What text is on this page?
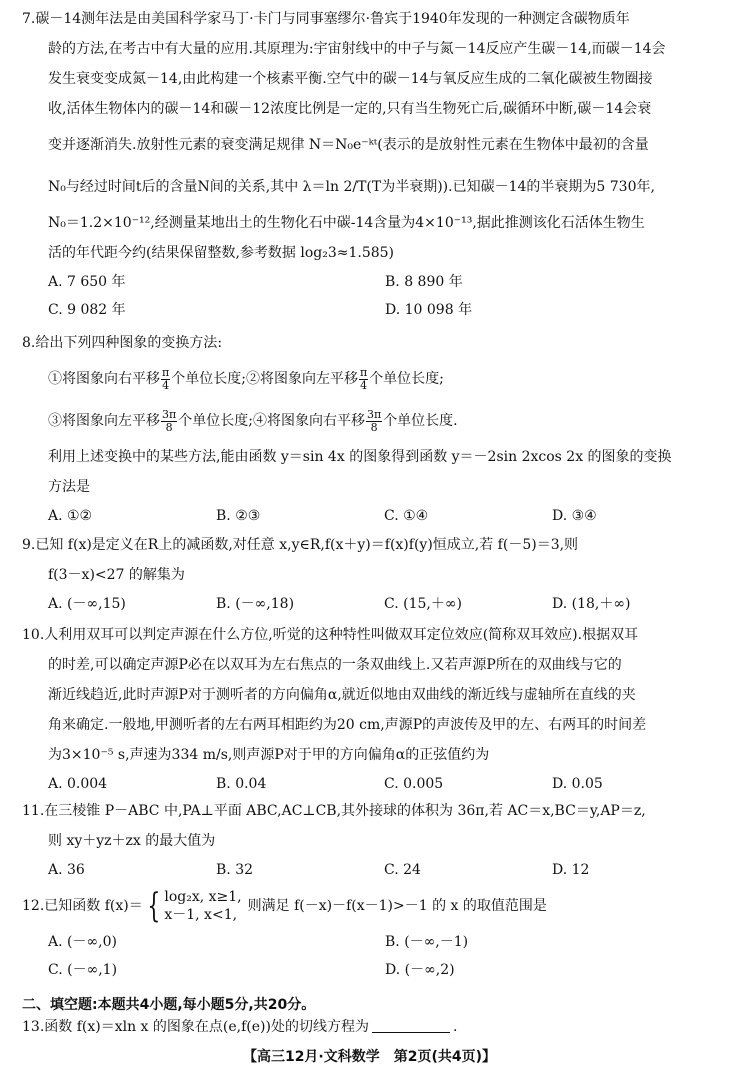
7.碳－14测年法是由美国科学家马丁·卡门与同事塞缪尔·鲁宾于1940年发现的一种测定含碳物质年
龄的方法,在考古中有大量的应用.其原理为:宇宙射线中的中子与氮－14反应产生碳－14,而碳－14会
发生衰变变成氮－14,由此构建一个核素平衡.空气中的碳－14与氧反应生成的二氧化碳被生物圈接
收,活体生物体内的碳－14和碳－12浓度比例是一定的,只有当生物死亡后,碳循环中断,碳－14会衰
变并逐渐消失.放射性元素的衰变满足规律 N＝N₀e⁻ᵏᵗ(表示的是放射性元素在生物体中最初的含量
N₀与经过时间t后的含量N间的关系,其中 λ＝ln 2/T(T为半衰期)).已知碳－14的半衰期为5 730年,
N₀＝1.2×10⁻¹²,经测量某地出土的生物化石中碳-14含量为4×10⁻¹³,据此推测该化石活体生物生
活的年代距今约(结果保留整数,参考数据 log₂3≈1.585)
A. 7 650 年	B. 8 890 年
C. 9 082 年	D. 10 098 年
8.给出下列四种图象的变换方法:
①将图象向右平移 $\frac{\pi}{4}$ 个单位长度;②将图象向左平移 $\frac{\pi}{4}$ 个单位长度;
③将图象向左平移 $\frac{3\pi}{8}$ 个单位长度;④将图象向右平移 $\frac{3\pi}{8}$ 个单位长度.
利用上述变换中的某些方法,能由函数 y＝sin 4x 的图象得到函数 y＝－2sin 2xcos 2x 的图象的变换
方法是
A. ①②	B. ②③	C. ①④	D. ③④
9.已知 f(x)是定义在R上的减函数,对任意 x,y∈R,f(x＋y)＝f(x)f(y)恒成立,若 f(－5)＝3,则
f(3－x)<27 的解集为
A. (－∞,15)	B. (－∞,18)	C. (15,＋∞)	D. (18,＋∞)
10.人利用双耳可以判定声源在什么方位,听觉的这种特性叫做双耳定位效应(简称双耳效应).根据双耳
的时差,可以确定声源P必在以双耳为左右焦点的一条双曲线上.又若声源P所在的双曲线与它的
渐近线趋近,此时声源P对于测听者的方向偏角α,就近似地由双曲线的渐近线与虚轴所在直线的夹
角来确定.一般地,甲测听者的左右两耳相距约为20 cm,声源P的声波传及甲的左、右两耳的时间差
为3×10⁻⁵ s,声速为334 m/s,则声源P对于甲的方向偏角α的正弦值约为
A. 0.004	B. 0.04	C. 0.005	D. 0.05
11.在三棱锥 P－ABC 中,PA⊥平面 ABC,AC⊥CB,其外接球的体积为 36π,若 AC＝x,BC＝y,AP＝z,
则 xy＋yz＋zx 的最大值为
A. 36	B. 32	C. 24	D. 12
12.已知函数 f(x)＝ { log₂x, x≥1,
x－1, x<1,
则满足 f(－x)－f(x－1)>－1 的 x 的取值范围是
A. (－∞,0)	B. (－∞,－1)
C. (－∞,1)	D. (－∞,2)
二、填空题:本题共4小题,每小题5分,共20分。
13.函数 f(x)＝xln x 的图象在点(e,f(e))处的切线方程为	.
【高三12月·文科数学　第2页(共4页)】
